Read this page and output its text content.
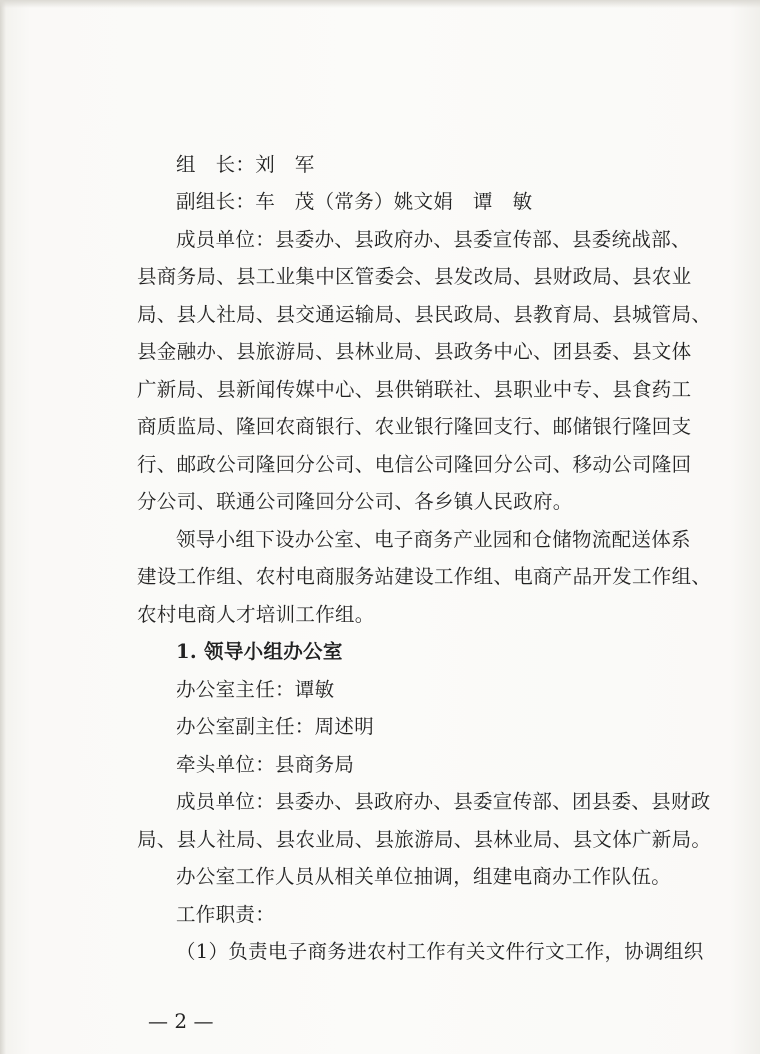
组　长：刘　军
副组长：车　茂（常务）姚文娟　谭　敏
成员单位：县委办、县政府办、县委宣传部、县委统战部、
县商务局、县工业集中区管委会、县发改局、县财政局、县农业
局、县人社局、县交通运输局、县民政局、县教育局、县城管局、
县金融办、县旅游局、县林业局、县政务中心、团县委、县文体
广新局、县新闻传媒中心、县供销联社、县职业中专、县食药工
商质监局、隆回农商银行、农业银行隆回支行、邮储银行隆回支
行、邮政公司隆回分公司、电信公司隆回分公司、移动公司隆回
分公司、联通公司隆回分公司、各乡镇人民政府。
领导小组下设办公室、电子商务产业园和仓储物流配送体系
建设工作组、农村电商服务站建设工作组、电商产品开发工作组、
农村电商人才培训工作组。
1. 领导小组办公室
办公室主任：谭敏
办公室副主任：周述明
牵头单位：县商务局
成员单位：县委办、县政府办、县委宣传部、团县委、县财政
局、县人社局、县农业局、县旅游局、县林业局、县文体广新局。
办公室工作人员从相关单位抽调，组建电商办工作队伍。
工作职责：
（1）负责电子商务进农村工作有关文件行文工作，协调组织
— 2 —
